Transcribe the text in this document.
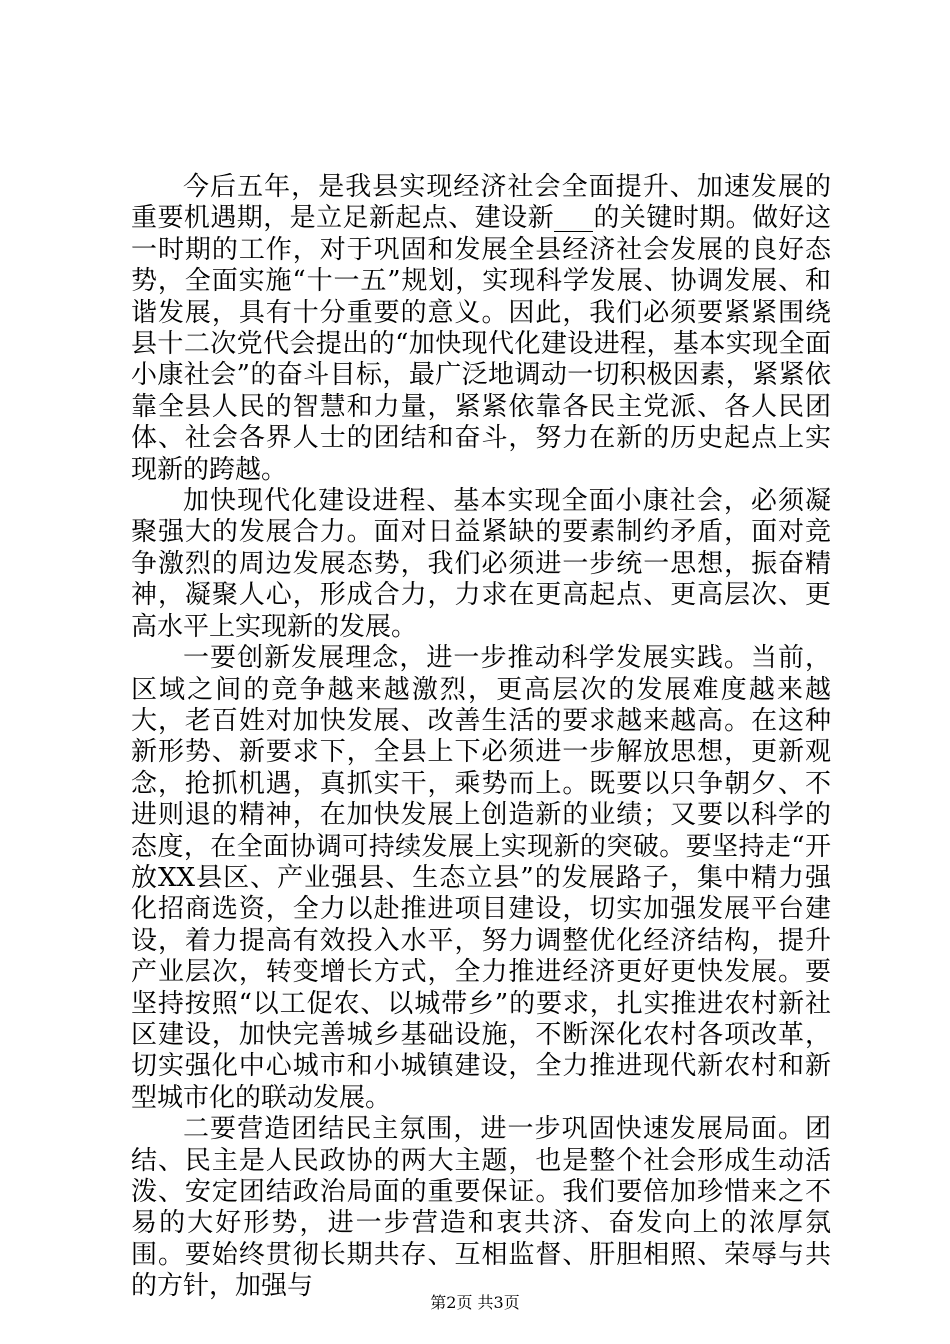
今后五年，是我县实现经济社会全面提升、加速发展的重要机遇期，是立足新起点、建设新___的关键时期。做好这一时期的工作，对于巩固和发展全县经济社会发展的良好态势，全面实施“十一五”规划，实现科学发展、协调发展、和谐发展，具有十分重要的意义。因此，我们必须要紧紧围绕县十二次党代会提出的“加快现代化建设进程，基本实现全面小康社会”的奋斗目标，最广泛地调动一切积极因素，紧紧依靠全县人民的智慧和力量，紧紧依靠各民主党派、各人民团体、社会各界人士的团结和奋斗，努力在新的历史起点上实现新的跨越。

加快现代化建设进程、基本实现全面小康社会，必须凝聚强大的发展合力。面对日益紧缺的要素制约矛盾，面对竞争激烈的周边发展态势，我们必须进一步统一思想，振奋精神，凝聚人心，形成合力，力求在更高起点、更高层次、更高水平上实现新的发展。

一要创新发展理念，进一步推动科学发展实践。当前，区域之间的竞争越来越激烈，更高层次的发展难度越来越大，老百姓对加快发展、改善生活的要求越来越高。在这种新形势、新要求下，全县上下必须进一步解放思想，更新观念，抢抓机遇，真抓实干，乘势而上。既要以只争朝夕、不进则退的精神，在加快发展上创造新的业绩；又要以科学的态度，在全面协调可持续发展上实现新的突破。要坚持走“开放XX县区、产业强县、生态立县”的发展路子，集中精力强化招商选资，全力以赴推进项目建设，切实加强发展平台建设，着力提高有效投入水平，努力调整优化经济结构，提升产业层次，转变增长方式，全力推进经济更好更快发展。要坚持按照“以工促农、以城带乡”的要求，扎实推进农村新社区建设，加快完善城乡基础设施，不断深化农村各项改革，切实强化中心城市和小城镇建设，全力推进现代新农村和新型城市化的联动发展。

二要营造团结民主氛围，进一步巩固快速发展局面。团结、民主是人民政协的两大主题，也是整个社会形成生动活泼、安定团结政治局面的重要保证。我们要倍加珍惜来之不易的大好形势，进一步营造和衷共济、奋发向上的浓厚氛围。要始终贯彻长期共存、互相监督、肝胆相照、荣辱与共的方针，加强与

第2页 共3页
